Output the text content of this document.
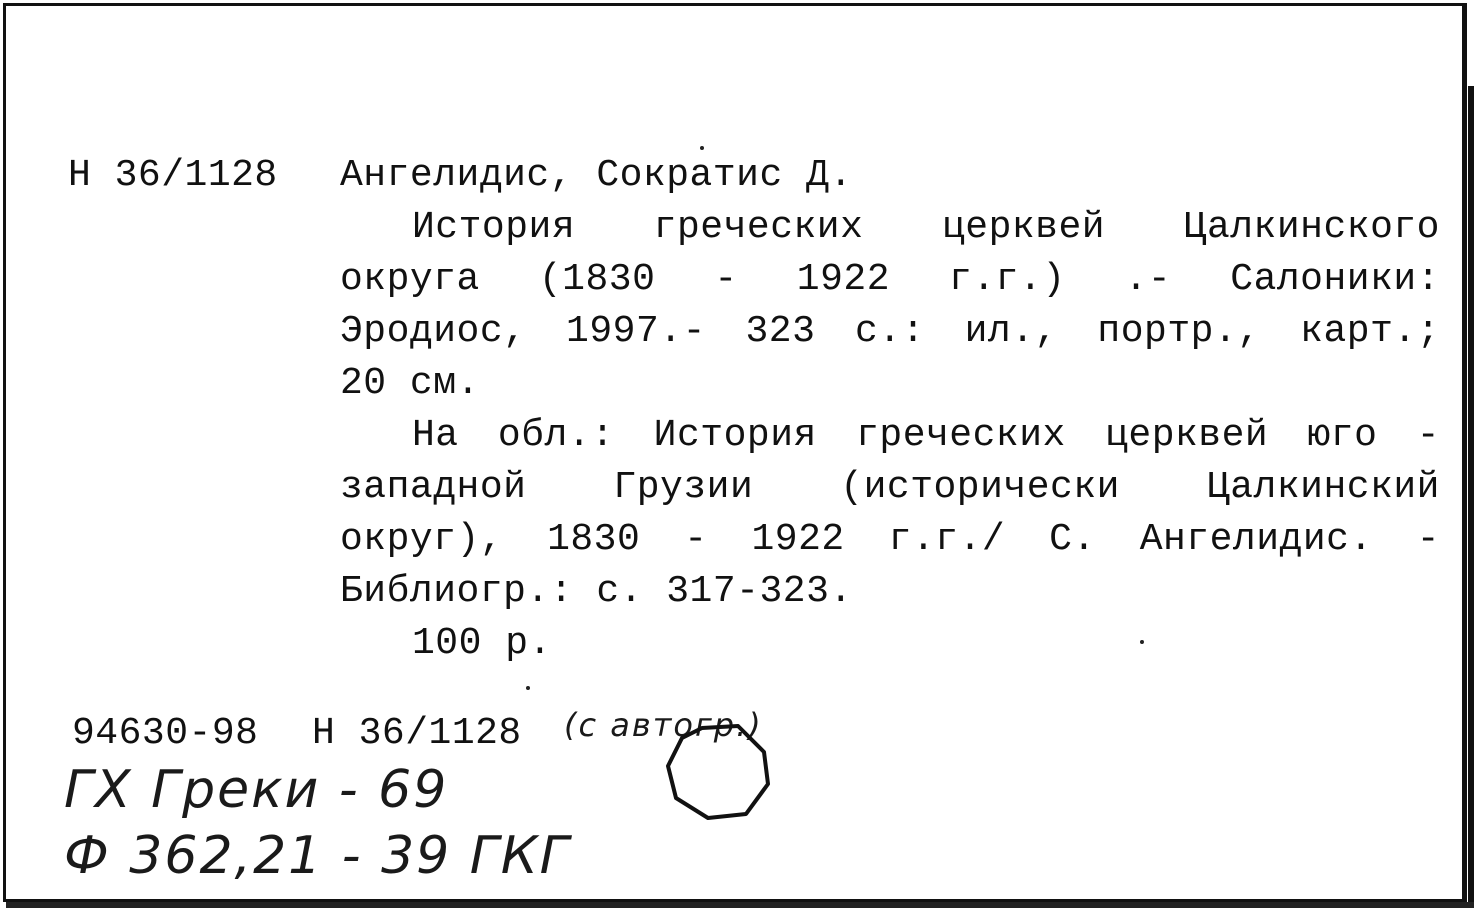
Н 36/1128 Ангелидис, Сократис Д.
История греческих церквей Цалкинского
округа (1830 - 1922 г.г.) .- Салоники:
Эродиос, 1997.- 323 с.: ил., портр., карт.;
20 см.
На обл.: История греческих церквей юго -
западной Грузии (исторически Цалкинский
округ), 1830 - 1922 г.г./ С. Ангелидис. -
Библиогр.: с. 317-323.
100 р.
94630-98 Н 36/1128 (с автогр.)
ГХ Греки - 69
Ф 362,21 - 39 ГКГ
